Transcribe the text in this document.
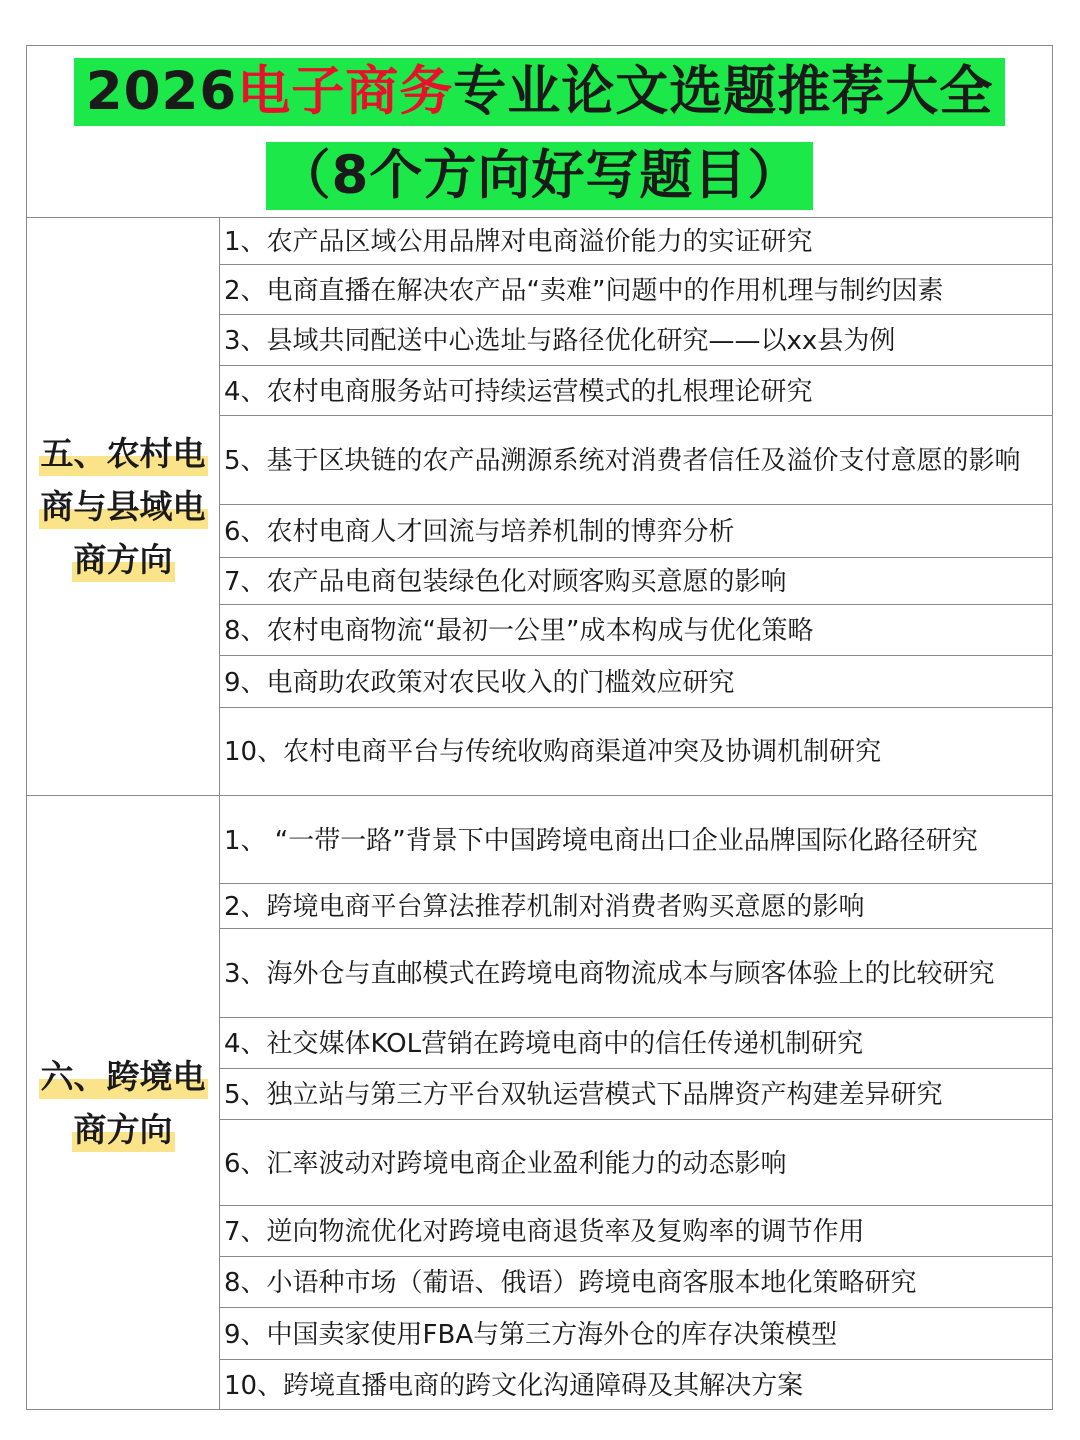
2026电子商务专业论文选题推荐大全
（8个方向好写题目）
五、农村电
商与县域电
商方向
1、农产品区域公用品牌对电商溢价能力的实证研究
2、电商直播在解决农产品“卖难”问题中的作用机理与制约因素
3、县域共同配送中心选址与路径优化研究——以xx县为例
4、农村电商服务站可持续运营模式的扎根理论研究
5、基于区块链的农产品溯源系统对消费者信任及溢价支付意愿的影响
6、农村电商人才回流与培养机制的博弈分析
7、农产品电商包装绿色化对顾客购买意愿的影响
8、农村电商物流“最初一公里”成本构成与优化策略
9、电商助农政策对农民收入的门槛效应研究
10、农村电商平台与传统收购商渠道冲突及协调机制研究
六、跨境电
商方向
1、 “一带一路”背景下中国跨境电商出口企业品牌国际化路径研究
2、跨境电商平台算法推荐机制对消费者购买意愿的影响
3、海外仓与直邮模式在跨境电商物流成本与顾客体验上的比较研究
4、社交媒体KOL营销在跨境电商中的信任传递机制研究
5、独立站与第三方平台双轨运营模式下品牌资产构建差异研究
6、汇率波动对跨境电商企业盈利能力的动态影响
7、逆向物流优化对跨境电商退货率及复购率的调节作用
8、小语种市场（葡语、俄语）跨境电商客服本地化策略研究
9、中国卖家使用FBA与第三方海外仓的库存决策模型
10、跨境直播电商的跨文化沟通障碍及其解决方案
